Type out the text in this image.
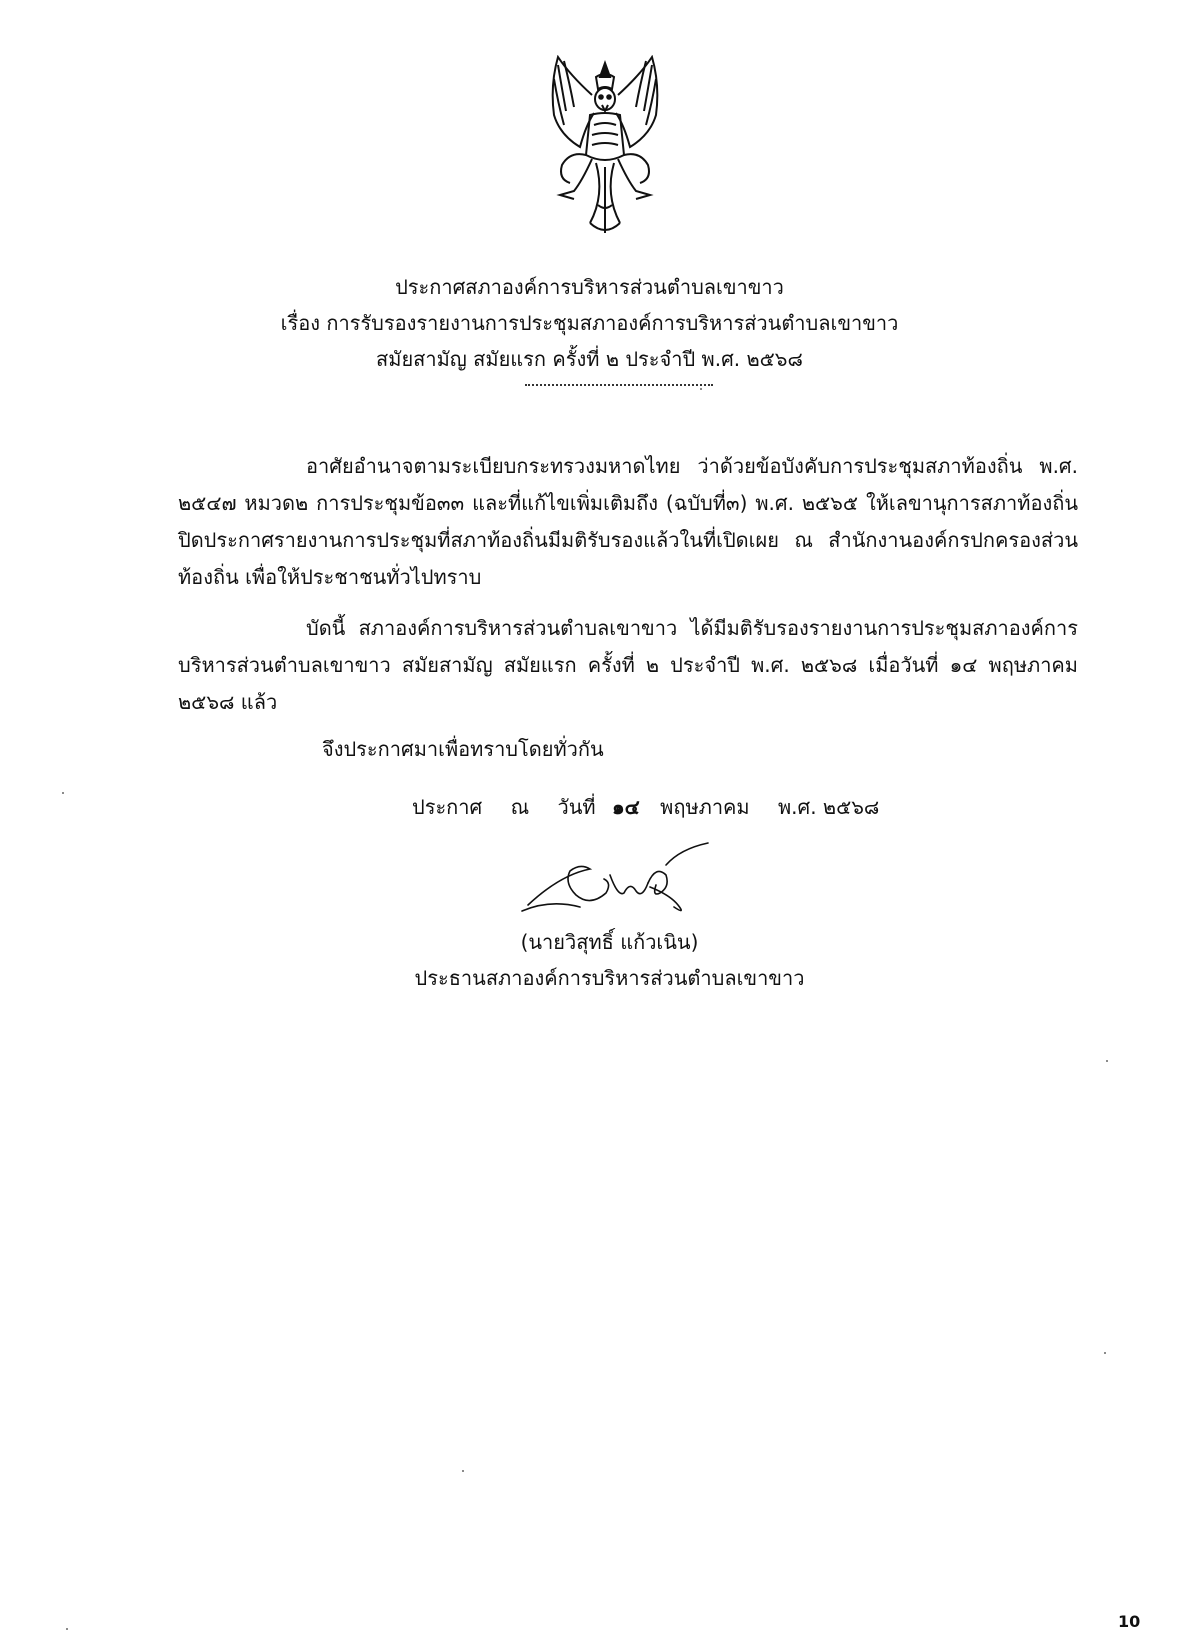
ประกาศสภาองค์การบริหารส่วนตำบลเขาขาว
เรื่อง การรับรองรายงานการประชุมสภาองค์การบริหารส่วนตำบลเขาขาว
สมัยสามัญ สมัยแรก ครั้งที่ ๒ ประจำปี พ.ศ. ๒๕๖๘

อาศัยอำนาจตามระเบียบกระทรวงมหาดไทย ว่าด้วยข้อบังคับการประชุมสภาท้องถิ่น พ.ศ. ๒๕๔๗ หมวด๒ การประชุมข้อ๓๓ และที่แก้ไขเพิ่มเติมถึง (ฉบับที่๓) พ.ศ. ๒๕๖๕ ให้เลขานุการสภาท้องถิ่นปิดประกาศรายงานการประชุมที่สภาท้องถิ่นมีมติรับรองแล้วในที่เปิดเผย ณ สำนักงานองค์กรปกครองส่วนท้องถิ่น เพื่อให้ประชาชนทั่วไปทราบ

บัดนี้ สภาองค์การบริหารส่วนตำบลเขาขาว ได้มีมติรับรองรายงานการประชุมสภาองค์การบริหารส่วนตำบลเขาขาว สมัยสามัญ สมัยแรก ครั้งที่ ๒ ประจำปี พ.ศ. ๒๕๖๘ เมื่อวันที่ ๑๔ พฤษภาคม ๒๕๖๘ แล้ว

จึงประกาศมาเพื่อทราบโดยทั่วกัน
ประกาศ ณ วันที่ ๑๔ พฤษภาคม พ.ศ. ๒๕๖๘
(นายวิสุทธิ์ แก้วเนิน)
ประธานสภาองค์การบริหารส่วนตำบลเขาขาว
10
